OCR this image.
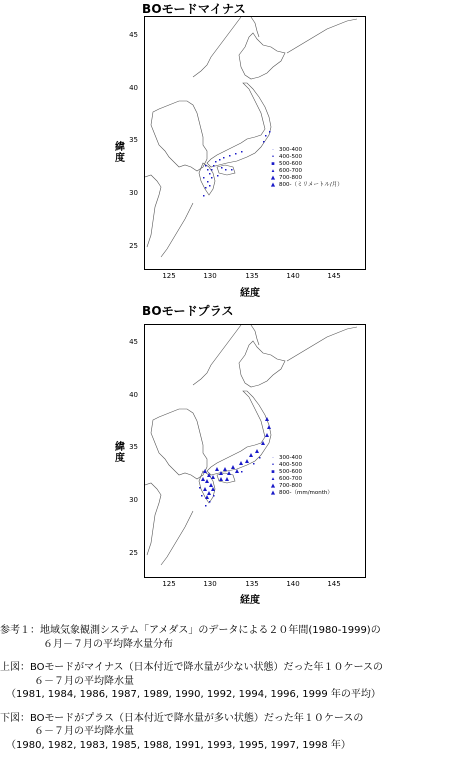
BOモードマイナス
45
40
35
30
25
緯度
· 300-400
• 400-500
▪ 500-600
▴ 600-700
▲ 700-800
▲ 800-（ミリメートル/月）
125	130	135	140	145
経度
BOモードプラス
45
40
35
30
25
緯度	· 300-400
• 400-500
▪ 500-600
▴ 600-700
▲ 700-800
▲ 800-（mm/month）
125	130	135	140	145
経度
参考１：地域気象観測システム「アメダス」のデータによる２０年間(1980-1999)の
６月－７月の平均降水量分布
上図：BOモードがマイナス（日本付近で降水量が少ない状態）だった年１０ケースの
６－７月の平均降水量
（1981, 1984, 1986, 1987, 1989, 1990, 1992, 1994, 1996, 1999 年の平均）
下図：BOモードがプラス（日本付近で降水量が多い状態）だった年１０ケースの
６－７月の平均降水量
（1980, 1982, 1983, 1985, 1988, 1991, 1993, 1995, 1997, 1998 年）
